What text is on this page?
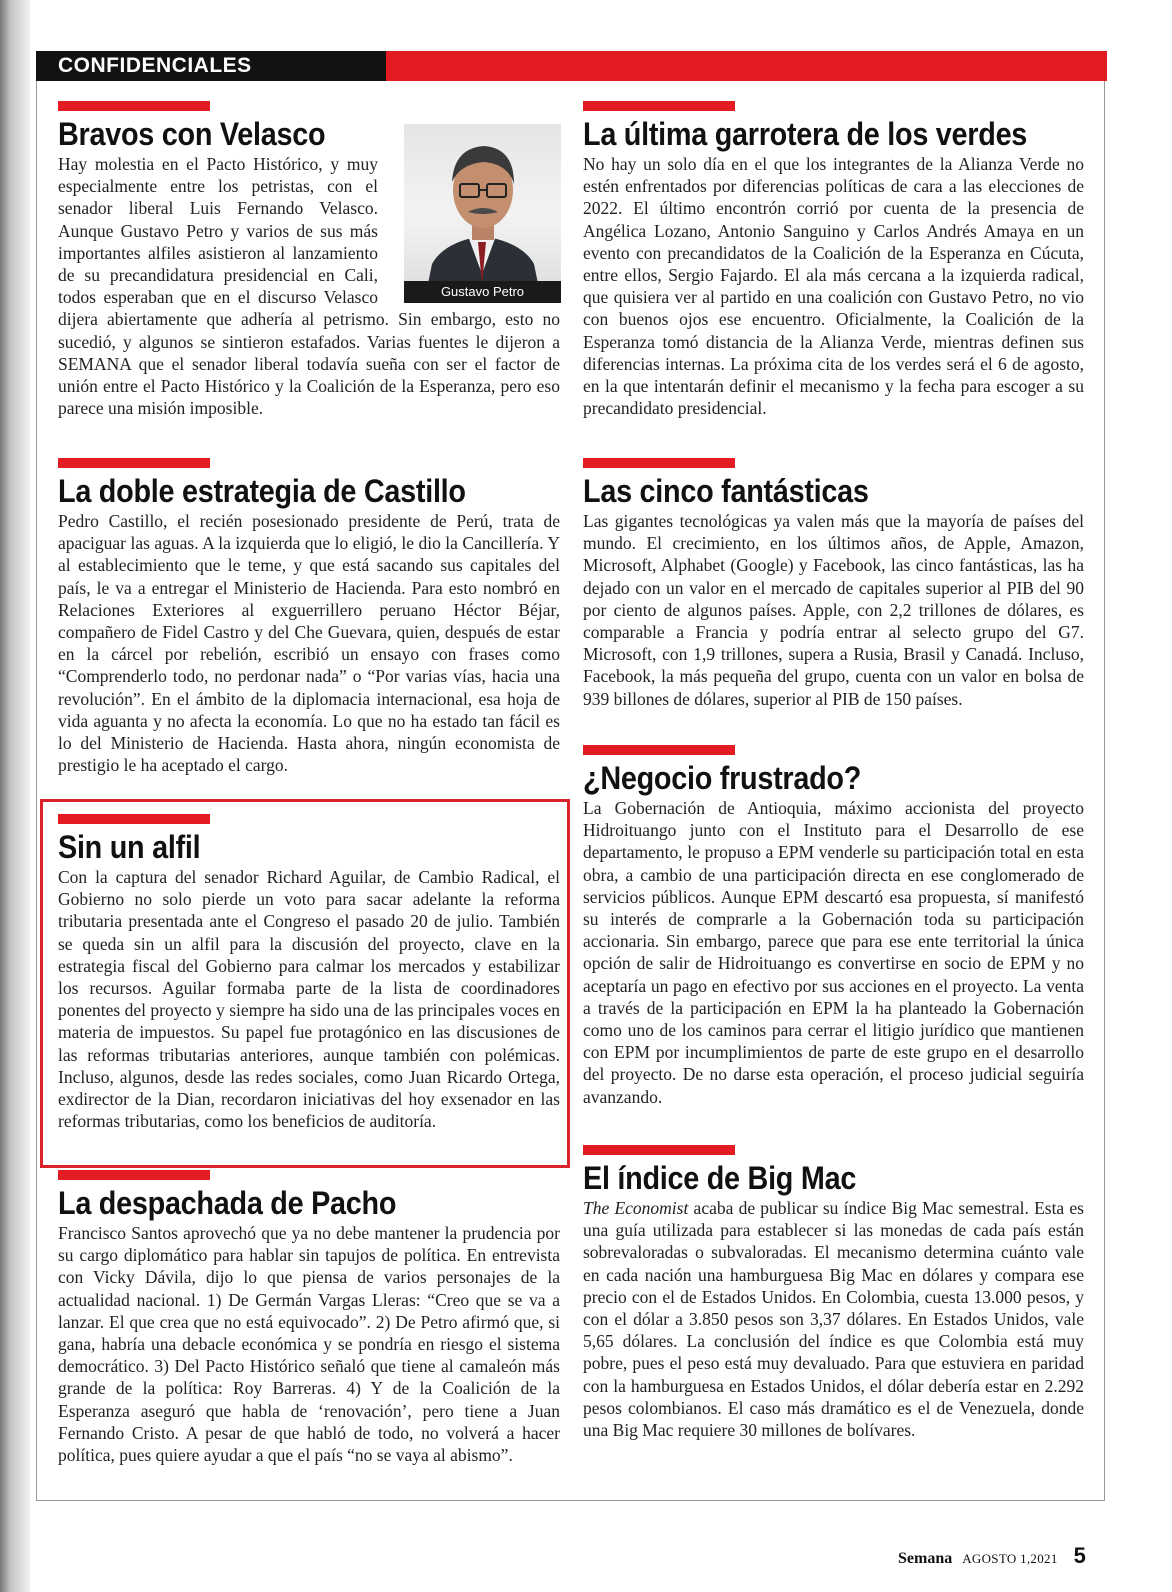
CONFIDENCIALES
Bravos con Velasco
Hay molestia en el Pacto Histórico, y muy especialmente entre los petristas, con el senador liberal Luis Fernando Velasco. Aunque Gustavo Petro y varios de sus más importantes alfiles asistieron al lanzamiento de su precandidatura presidencial en Cali, todos esperaban que en el discurso Velasco dijera abiertamente que adhería al petrismo. Sin embargo, esto no sucedió, y algunos se sintieron estafados. Varias fuentes le dijeron a SEMANA que el senador liberal todavía sueña con ser el factor de unión entre el Pacto Histórico y la Coalición de la Esperanza, pero eso parece una misión imposible.
Gustavo Petro
La doble estrategia de Castillo
Pedro Castillo, el recién posesionado presidente de Perú, trata de apaciguar las aguas. A la izquierda que lo eligió, le dio la Cancillería. Y al establecimiento que le teme, y que está sacando sus capitales del país, le va a entregar el Ministerio de Hacienda. Para esto nombró en Relaciones Exteriores al exguerrillero peruano Héctor Béjar, compañero de Fidel Castro y del Che Guevara, quien, después de estar en la cárcel por rebelión, escribió un ensayo con frases como “Comprenderlo todo, no perdonar nada” o “Por varias vías, hacia una revolución”. En el ámbito de la diplomacia internacional, esa hoja de vida aguanta y no afecta la economía. Lo que no ha estado tan fácil es lo del Ministerio de Hacienda. Hasta ahora, ningún economista de prestigio le ha aceptado el cargo.
Sin un alfil
Con la captura del senador Richard Aguilar, de Cambio Radical, el Gobierno no solo pierde un voto para sacar adelante la reforma tributaria presentada ante el Congreso el pasado 20 de julio. También se queda sin un alfil para la discusión del proyecto, clave en la estrategia fiscal del Gobierno para calmar los mercados y estabilizar los recursos. Aguilar formaba parte de la lista de coordinadores ponentes del proyecto y siempre ha sido una de las principales voces en materia de impuestos. Su papel fue protagónico en las discusiones de las reformas tributarias anteriores, aunque también con polémicas. Incluso, algunos, desde las redes sociales, como Juan Ricardo Ortega, exdirector de la Dian, recordaron iniciativas del hoy exsenador en las reformas tributarias, como los beneficios de auditoría.
La despachada de Pacho
Francisco Santos aprovechó que ya no debe mantener la prudencia por su cargo diplomático para hablar sin tapujos de política. En entrevista con Vicky Dávila, dijo lo que piensa de varios personajes de la actualidad nacional. 1) De Germán Vargas Lleras: “Creo que se va a lanzar. El que crea que no está equivocado”. 2) De Petro afirmó que, si gana, habría una debacle económica y se pondría en riesgo el sistema democrático. 3) Del Pacto Histórico señaló que tiene al camaleón más grande de la política: Roy Barreras. 4) Y de la Coalición de la Esperanza aseguró que habla de ‘renovación’, pero tiene a Juan Fernando Cristo. A pesar de que habló de todo, no volverá a hacer política, pues quiere ayudar a que el país “no se vaya al abismo”.
La última garrotera de los verdes
No hay un solo día en el que los integrantes de la Alianza Verde no estén enfrentados por diferencias políticas de cara a las elecciones de 2022. El último encontrón corrió por cuenta de la presencia de Angélica Lozano, Antonio Sanguino y Carlos Andrés Amaya en un evento con precandidatos de la Coalición de la Esperanza en Cúcuta, entre ellos, Sergio Fajardo. El ala más cercana a la izquierda radical, que quisiera ver al partido en una coalición con Gustavo Petro, no vio con buenos ojos ese encuentro. Oficialmente, la Coalición de la Esperanza tomó distancia de la Alianza Verde, mientras definen sus diferencias internas. La próxima cita de los verdes será el 6 de agosto, en la que intentarán definir el mecanismo y la fecha para escoger a su precandidato presidencial.
Las cinco fantásticas
Las gigantes tecnológicas ya valen más que la mayoría de países del mundo. El crecimiento, en los últimos años, de Apple, Amazon, Microsoft, Alphabet (Google) y Facebook, las cinco fantásticas, las ha dejado con un valor en el mercado de capitales superior al PIB del 90 por ciento de algunos países. Apple, con 2,2 trillones de dólares, es comparable a Francia y podría entrar al selecto grupo del G7. Microsoft, con 1,9 trillones, supera a Rusia, Brasil y Canadá. Incluso, Facebook, la más pequeña del grupo, cuenta con un valor en bolsa de 939 billones de dólares, superior al PIB de 150 países.
¿Negocio frustrado?
La Gobernación de Antioquia, máximo accionista del proyecto Hidroituango junto con el Instituto para el Desarrollo de ese departamento, le propuso a EPM venderle su participación total en esta obra, a cambio de una participación directa en ese conglomerado de servicios públicos. Aunque EPM descartó esa propuesta, sí manifestó su interés de comprarle a la Gobernación toda su participación accionaria. Sin embargo, parece que para ese ente territorial la única opción de salir de Hidroituango es convertirse en socio de EPM y no aceptaría un pago en efectivo por sus acciones en el proyecto. La venta a través de la participación en EPM la ha planteado la Gobernación como uno de los caminos para cerrar el litigio jurídico que mantienen con EPM por incumplimientos de parte de este grupo en el desarrollo del proyecto. De no darse esta operación, el proceso judicial seguiría avanzando.
El índice de Big Mac
The Economist acaba de publicar su índice Big Mac semestral. Esta es una guía utilizada para establecer si las monedas de cada país están sobrevaloradas o subvaloradas. El mecanismo determina cuánto vale en cada nación una hamburguesa Big Mac en dólares y compara ese precio con el de Estados Unidos. En Colombia, cuesta 13.000 pesos, y con el dólar a 3.850 pesos son 3,37 dólares. En Estados Unidos, vale 5,65 dólares. La conclusión del índice es que Colombia está muy pobre, pues el peso está muy devaluado. Para que estuviera en paridad con la hamburguesa en Estados Unidos, el dólar debería estar en 2.292 pesos colombianos. El caso más dramático es el de Venezuela, donde una Big Mac requiere 30 millones de bolívares.
Semana AGOSTO 1,2021 5
